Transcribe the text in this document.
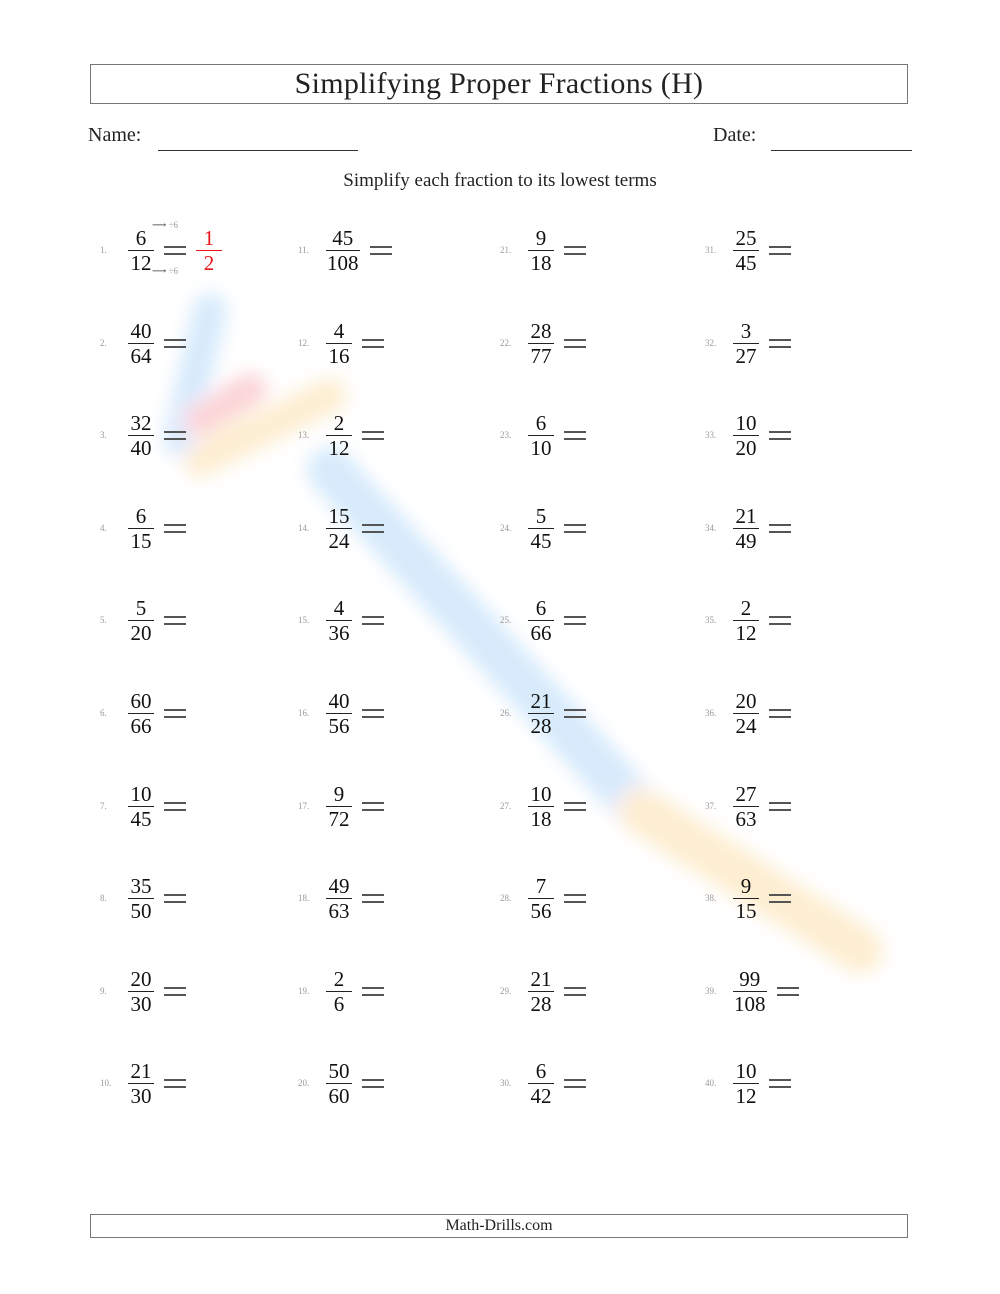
Simplifying Proper Fractions (H)
Name:	Date:
Simplify each fraction to its lowest terms
1.	$\frac{6}{12} \frac{1}{2}$
⟶ ÷6
⟶ ÷6
2.	$\frac{40}{64}$
3.	$\frac{32}{40}$
4.	$\frac{6}{15}$
5.	$\frac{5}{20}$
6.	$\frac{60}{66}$
7.	$\frac{10}{45}$
8.	$\frac{35}{50}$
9.	$\frac{20}{30}$
10. $\frac{21}{30}$
11. $\frac{45}{108}$
12. $\frac{4}{16}$
13. $\frac{2}{12}$
14. $\frac{15}{24}$
15. $\frac{4}{36}$
16. $\frac{40}{56}$
17. $\frac{9}{72}$
18. $\frac{49}{63}$
19. $\frac{2}{6}$
20. $\frac{50}{60}$
21. $\frac{9}{18}$
22. $\frac{28}{77}$
23. $\frac{6}{10}$
24. $\frac{5}{45}$
25. $\frac{6}{66}$
26. $\frac{21}{28}$
27. $\frac{10}{18}$
28. $\frac{7}{56}$
29. $\frac{21}{28}$
30. $\frac{6}{42}$
31. $\frac{25}{45}$
32. $\frac{3}{27}$
33. $\frac{10}{20}$
34. $\frac{21}{49}$
35. $\frac{2}{12}$
36. $\frac{20}{24}$
37. $\frac{27}{63}$
38. $\frac{9}{15}$
39. $\frac{99}{108}$
40. $\frac{10}{12}$
Math-Drills.com
